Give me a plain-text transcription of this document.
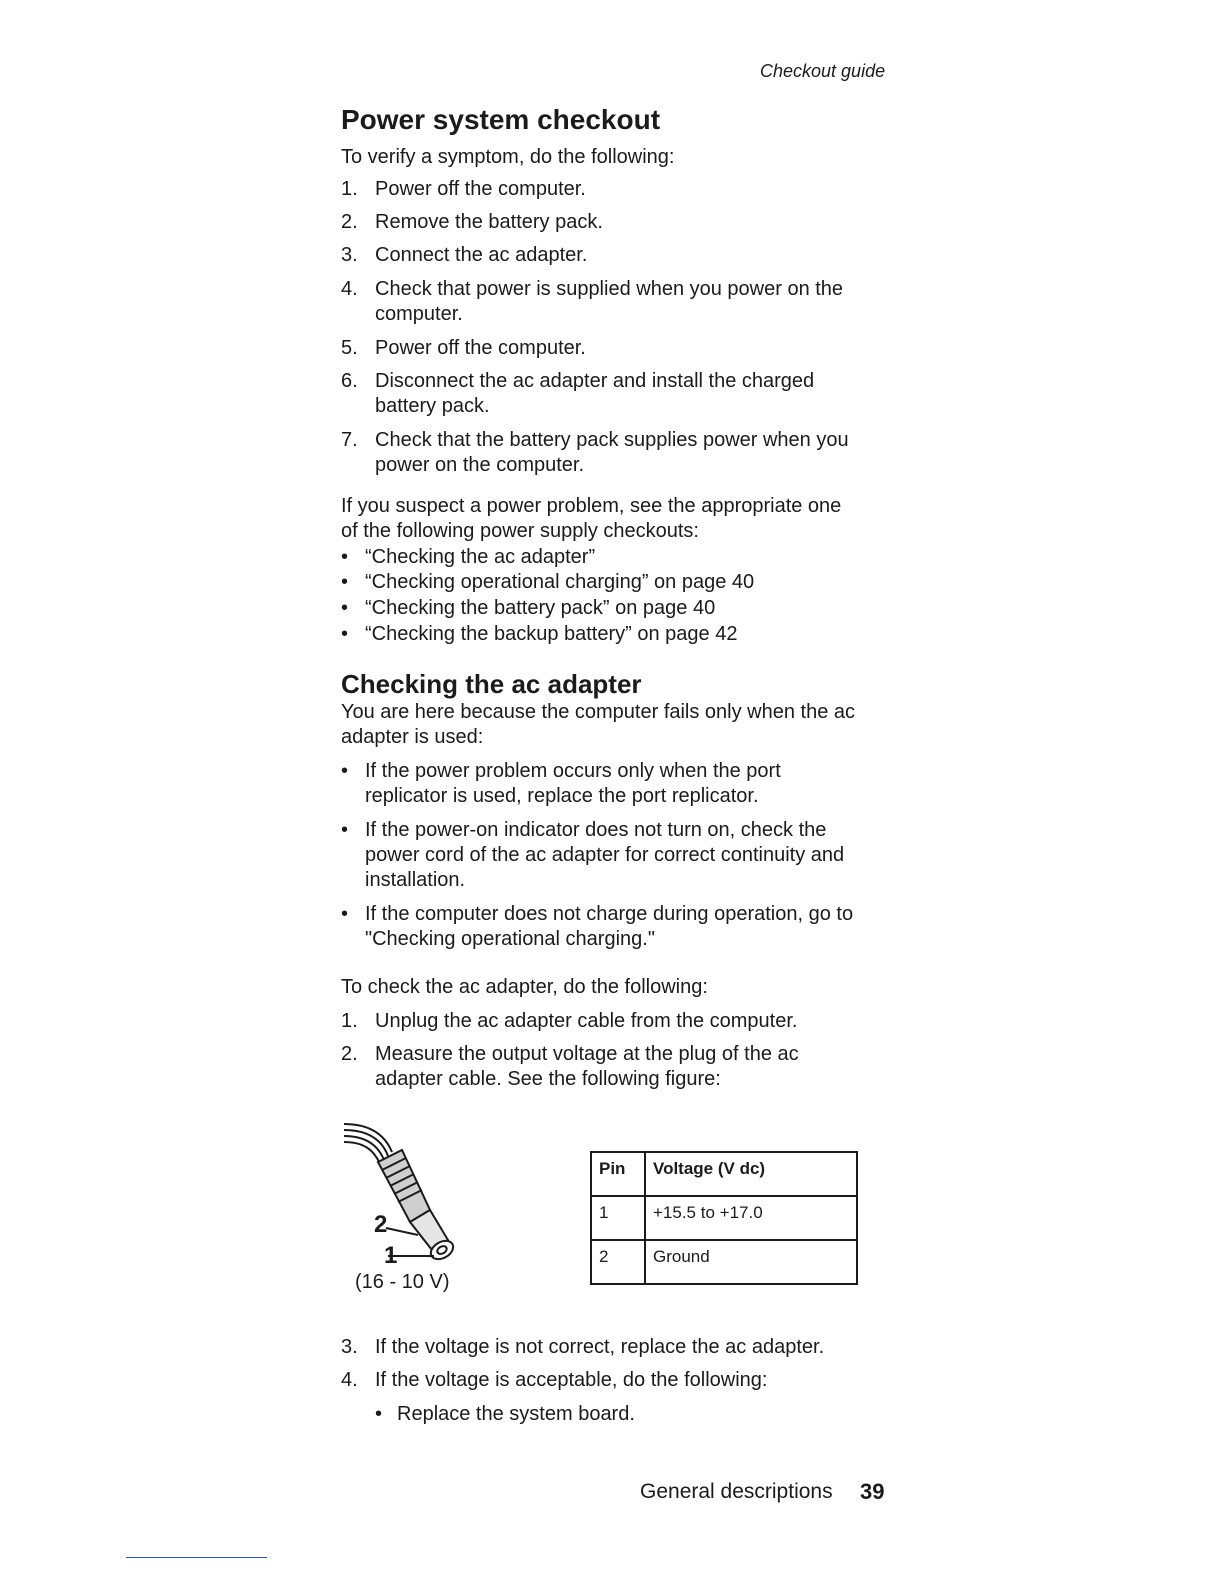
Checkout guide
Power system checkout

To verify a symptom, do the following:

1. Power off the computer.
2. Remove the battery pack.
3. Connect the ac adapter.
4. Check that power is supplied when you power on the
computer.
5. Power off the computer.
6. Disconnect the ac adapter and install the charged
battery pack.
7. Check that the battery pack supplies power when you
power on the computer.

If you suspect a power problem, see the appropriate one

of the following power supply checkouts:

• “Checking the ac adapter”
• “Checking operational charging” on page 40
• “Checking the battery pack” on page 40
• “Checking the backup battery” on page 42
Checking the ac adapter

You are here because the computer fails only when the ac

adapter is used:

• If the power problem occurs only when the port
replicator is used, replace the port replicator.
• If the power-on indicator does not turn on, check the
power cord of the ac adapter for correct continuity and
installation.
• If the computer does not charge during operation, go to
"Checking operational charging."

To check the ac adapter, do the following:

1. Unplug the ac adapter cable from the computer.
2. Measure the output voltage at the plug of the ac
adapter cable. See the following figure:
2
1
(16 - 10 V)
Pin	Voltage (V dc)
1	+15.5 to +17.0
2	Ground
3. If the voltage is not correct, replace the ac adapter.
4. If the voltage is acceptable, do the following:
• Replace the system board.
General descriptions 39
